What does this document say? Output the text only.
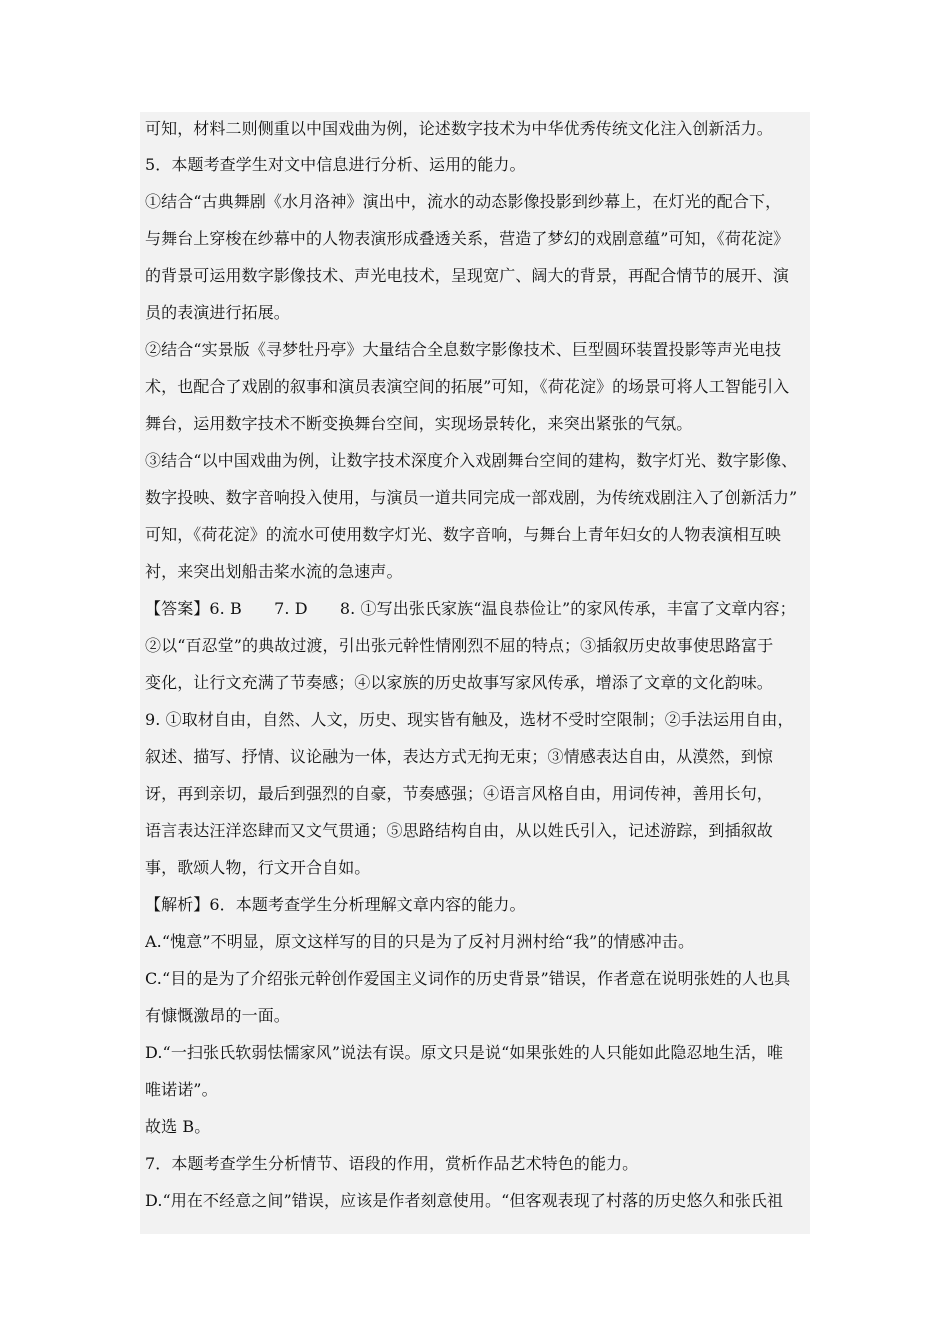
可知，材料二则侧重以中国戏曲为例，论述数字技术为中华优秀传统文化注入创新活力。
5．本题考查学生对文中信息进行分析、运用的能力。
①结合“古典舞剧《水月洛神》演出中，流水的动态影像投影到纱幕上，在灯光的配合下，
与舞台上穿梭在纱幕中的人物表演形成叠透关系，营造了梦幻的戏剧意蕴”可知，《荷花淀》
的背景可运用数字影像技术、声光电技术，呈现宽广、阔大的背景，再配合情节的展开、演
员的表演进行拓展。
②结合“实景版《寻梦牡丹亭》大量结合全息数字影像技术、巨型圆环装置投影等声光电技
术，也配合了戏剧的叙事和演员表演空间的拓展”可知，《荷花淀》的场景可将人工智能引入
舞台，运用数字技术不断变换舞台空间，实现场景转化，来突出紧张的气氛。
③结合“以中国戏曲为例，让数字技术深度介入戏剧舞台空间的建构，数字灯光、数字影像、
数字投映、数字音响投入使用，与演员一道共同完成一部戏剧，为传统戏剧注入了创新活力”
可知，《荷花淀》的流水可使用数字灯光、数字音响，与舞台上青年妇女的人物表演相互映
衬，来突出划船击桨水流的急速声。
【答案】6. B　　7. D　　8. ①写出张氏家族“温良恭俭让”的家风传承，丰富了文章内容；
②以“百忍堂”的典故过渡，引出张元幹性情刚烈不屈的特点；③插叙历史故事使思路富于
变化，让行文充满了节奏感；④以家族的历史故事写家风传承，增添了文章的文化韵味。
9. ①取材自由，自然、人文，历史、现实皆有触及，选材不受时空限制；②手法运用自由，
叙述、描写、抒情、议论融为一体，表达方式无拘无束；③情感表达自由，从漠然，到惊
讶，再到亲切，最后到强烈的自豪，节奏感强；④语言风格自由，用词传神，善用长句，
语言表达汪洋恣肆而又文气贯通；⑤思路结构自由，从以姓氏引入，记述游踪，到插叙故
事，歌颂人物，行文开合自如。
【解析】6．本题考查学生分析理解文章内容的能力。
A.“愧意”不明显，原文这样写的目的只是为了反衬月洲村给“我”的情感冲击。
C.“目的是为了介绍张元幹创作爱国主义词作的历史背景”错误，作者意在说明张姓的人也具
有慷慨激昂的一面。
D.“一扫张氏软弱怯懦家风”说法有误。原文只是说“如果张姓的人只能如此隐忍地生活，唯
唯诺诺”。
故选 B。
7．本题考查学生分析情节、语段的作用，赏析作品艺术特色的能力。
D.“用在不经意之间”错误，应该是作者刻意使用。“但客观表现了村落的历史悠久和张氏祖
